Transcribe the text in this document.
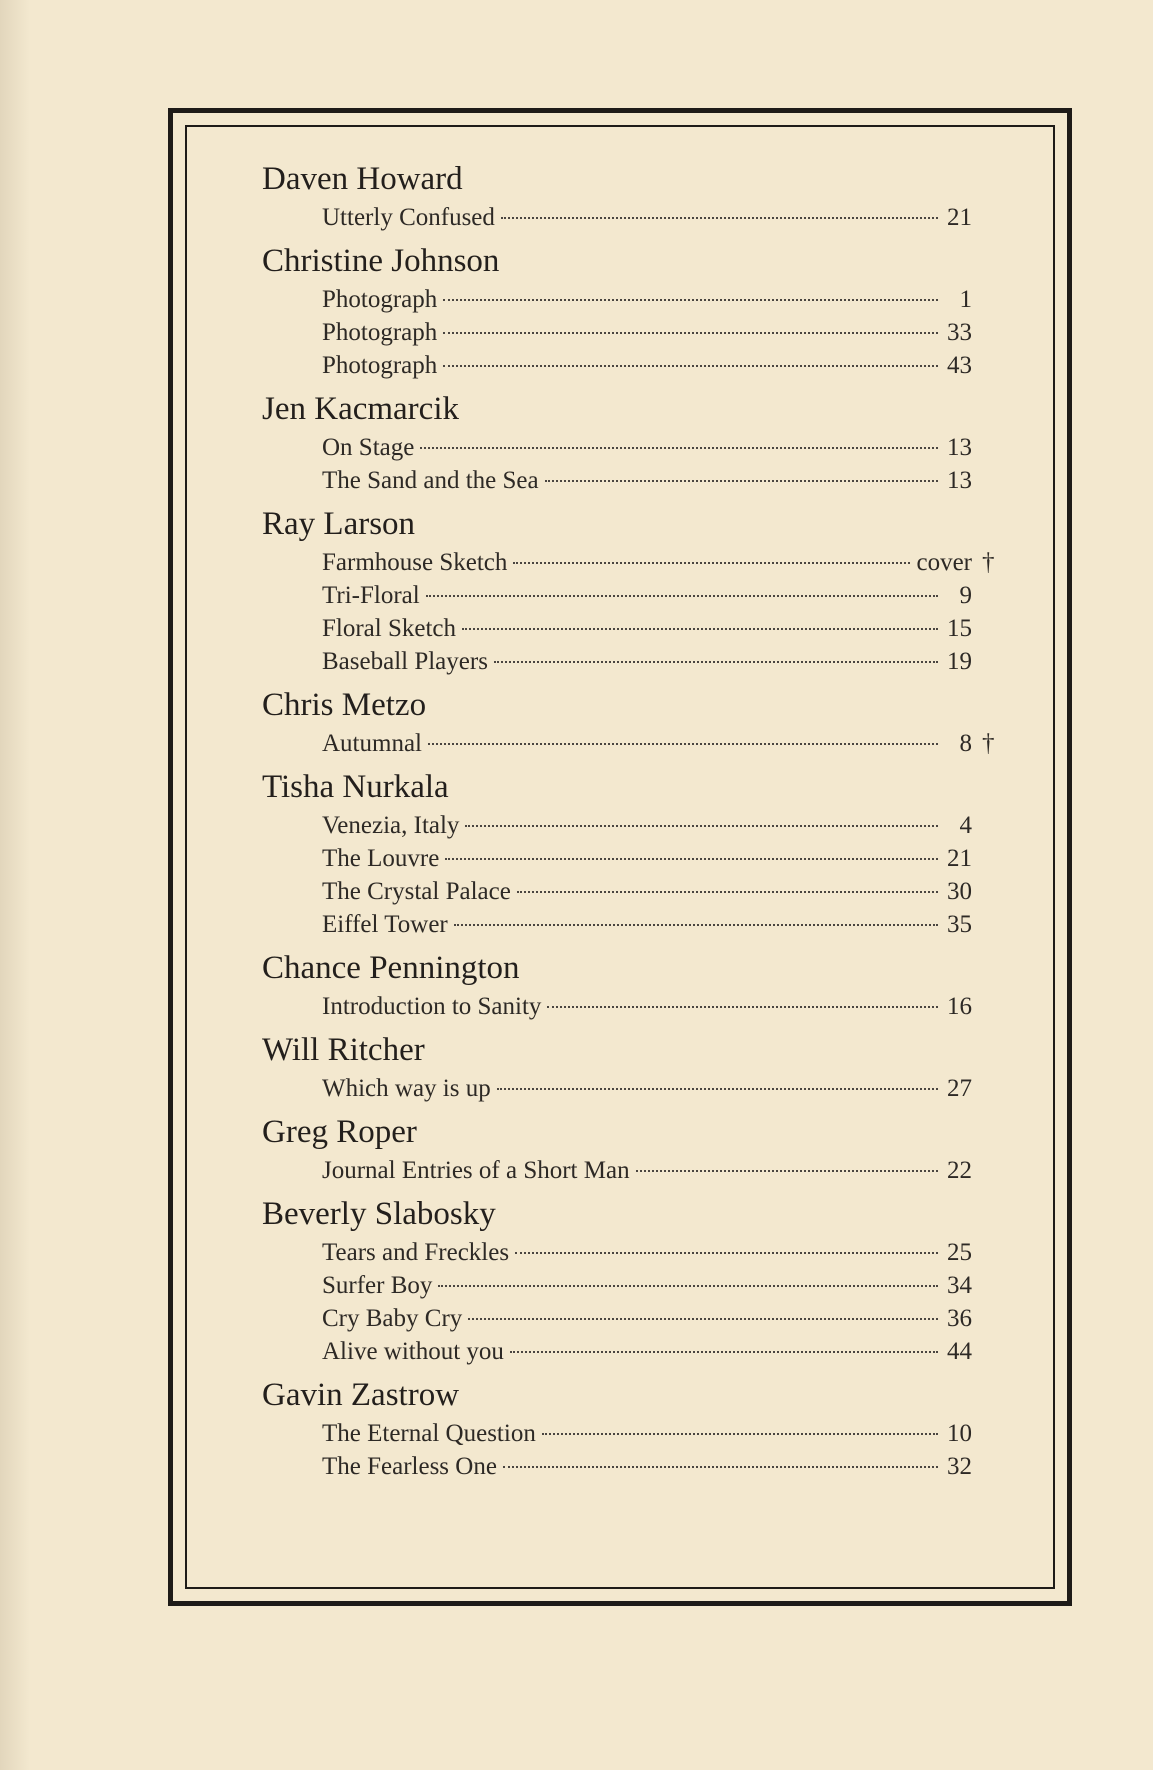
Daven Howard
Utterly Confused	21
Christine Johnson
Photograph	1
Photograph	33
Photograph	43
Jen Kacmarcik
On Stage	13
The Sand and the Sea	13
Ray Larson
Farmhouse Sketch	cover †
Tri-Floral	9
Floral Sketch	15
Baseball Players	19
Chris Metzo
Autumnal	8 †
Tisha Nurkala
Venezia, Italy	4
The Louvre	21
The Crystal Palace	30
Eiffel Tower	35
Chance Pennington
Introduction to Sanity	16
Will Ritcher
Which way is up	27
Greg Roper
Journal Entries of a Short Man	22
Beverly Slabosky
Tears and Freckles	25
Surfer Boy	34
Cry Baby Cry	36
Alive without you	44
Gavin Zastrow
The Eternal Question	10
The Fearless One	32
